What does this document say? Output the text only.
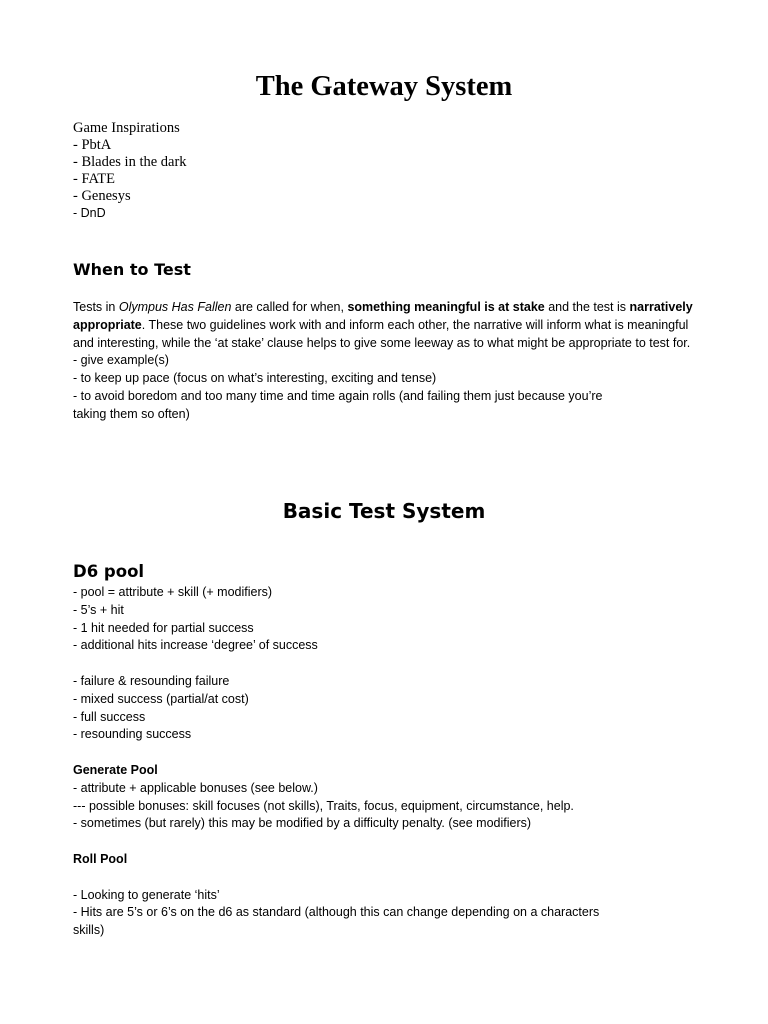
The Gateway System
Game Inspirations
- PbtA
- Blades in the dark
- FATE
- Genesys
- DnD
When to Test
Tests in Olympus Has Fallen are called for when, something meaningful is at stake and the test is narratively appropriate. These two guidelines work with and inform each other, the narrative will inform what is meaningful and interesting, while the ‘at stake’ clause helps to give some leeway as to what might be appropriate to test for.
- give example(s)
- to keep up pace (focus on what’s interesting, exciting and tense)
- to avoid boredom and too many time and time again rolls (and failing them just because you’re
taking them so often)
Basic Test System
D6 pool
- pool = attribute + skill (+ modifiers)
- 5’s + hit
- 1 hit needed for partial success
- additional hits increase ‘degree’ of success
- failure & resounding failure
- mixed success (partial/at cost)
- full success
- resounding success
Generate Pool
- attribute + applicable bonuses (see below.)
--- possible bonuses: skill focuses (not skills), Traits, focus, equipment, circumstance, help.
- sometimes (but rarely) this may be modified by a difficulty penalty. (see modifiers)
Roll Pool
- Looking to generate ‘hits’
- Hits are 5’s or 6’s on the d6 as standard (although this can change depending on a characters
skills)
